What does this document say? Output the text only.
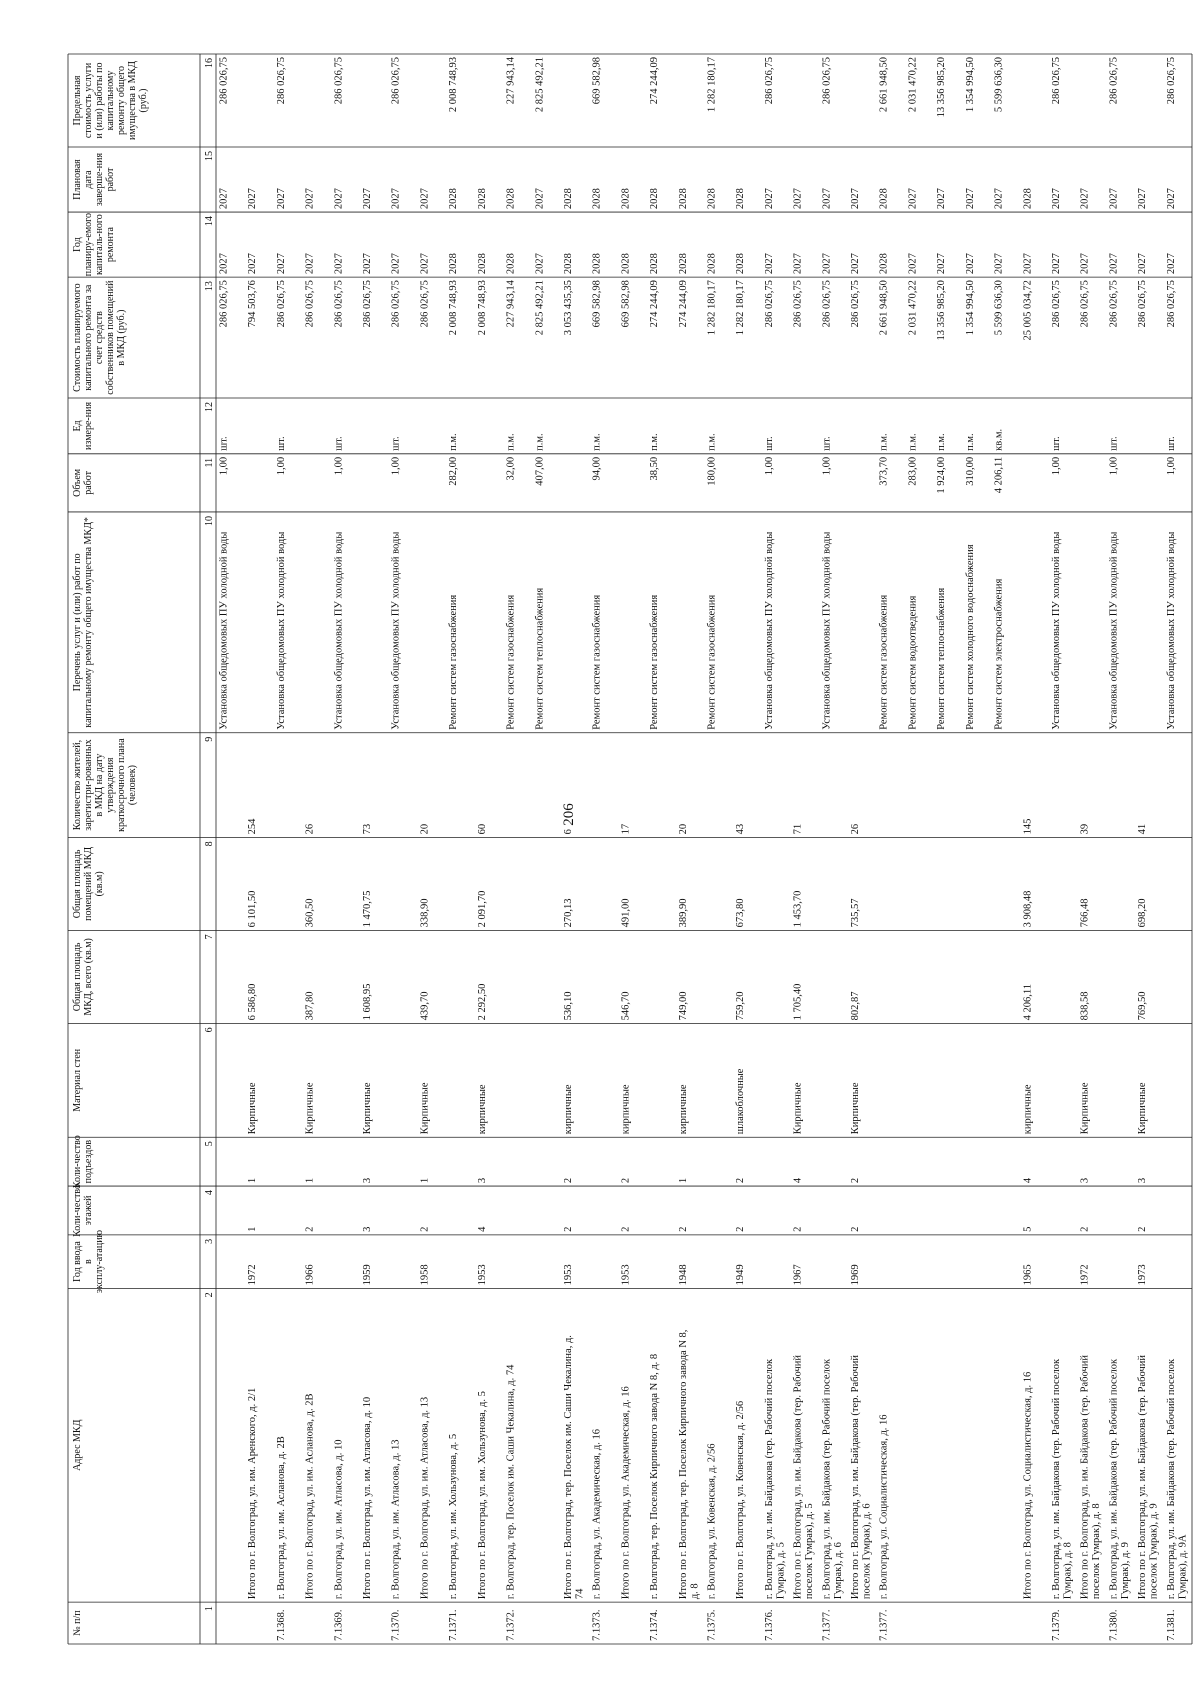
206
№ п/п
Адрес МКД
Год ввода в эксплу-атацию
Коли-чество этажей
Коли-чество подъездов
Материал стен
Общая площадь МКД, всего (кв.м)
Общая площадь помещений МКД (кв.м)
Количество жителей, зарегистри-рованных в МКД на дату утверждения краткосрочного плана (человек)
Перечень услуг и (или) работ по капитальному ремонту общего имущества МКД*
Объем работ
Ед измере-ния
Стоимость планируемого капитального ремонта за счет средств собственников помещений в МКД (руб.)
Год планиру-емого капиталь-ного ремонта
Плановая дата заверше-ния работ
Предельная стоимость услуги и (или) работы по капитальному ремонту общего имущества в МКД (руб.)
1
2
3
4
5
6
7
8
9
10
11
12
13
14
15
16
Установка общедомовых ПУ холодной воды
1,00
шт.
286 026,75
2027
2027
286 026,75
Итого по г. Волгоград, ул. им. Аренского, д. 2/1
1972
1
1
Кирпичные
6 586,80
6 101,50
254
794 503,76
2027
2027
7.1368.
г. Волгоград, ул. им. Асланова, д. 2В
Установка общедомовых ПУ холодной воды
1,00
шт.
286 026,75
2027
2027
286 026,75
Итого по г. Волгоград, ул. им. Асланова, д. 2В
1966
2
1
Кирпичные
387,80
360,50
26
286 026,75
2027
2027
7.1369.
г. Волгоград, ул. им. Атласова, д. 10
Установка общедомовых ПУ холодной воды
1,00
шт.
286 026,75
2027
2027
286 026,75
Итого по г. Волгоград, ул. им. Атласова, д. 10
1959
3
3
Кирпичные
1 608,95
1 470,75
73
286 026,75
2027
2027
7.1370.
г. Волгоград, ул. им. Атласова, д. 13
Установка общедомовых ПУ холодной воды
1,00
шт.
286 026,75
2027
2027
286 026,75
Итого по г. Волгоград, ул. им. Атласова, д. 13
1958
2
1
Кирпичные
439,70
338,90
20
286 026,75
2027
2027
7.1371.
г. Волгоград, ул. им. Хользунова, д. 5
Ремонт систем газоснабжения
282,00
п.м.
2 008 748,93
2028
2028
2 008 748,93
Итого по г. Волгоград, ул. им. Хользунова, д. 5
1953
4
3
кирпичные
2 292,50
2 091,70
60
2 008 748,93
2028
2028
7.1372.
г. Волгоград, тер. Поселок им. Саши Чекалина, д. 74
Ремонт систем газоснабжения
32,00
п.м.
227 943,14
2028
2028
227 943,14
Ремонт систем теплоснабжения
407,00
п.м.
2 825 492,21
2027
2027
2 825 492,21
Итого по г. Волгоград, тер. Поселок им. Саши Чекалина, д. 74
1953
2
2
кирпичные
536,10
270,13
6
3 053 435,35
2028
2028
7.1373.
г. Волгоград, ул. Академическая, д. 16
Ремонт систем газоснабжения
94,00
п.м.
669 582,98
2028
2028
669 582,98
Итого по г. Волгоград, ул. Академическая, д. 16
1953
2
2
кирпичные
546,70
491,00
17
669 582,98
2028
2028
7.1374.
г. Волгоград, тер. Поселок Кирпичного завода N 8, д. 8
Ремонт систем газоснабжения
38,50
п.м.
274 244,09
2028
2028
274 244,09
Итого по г. Волгоград, тер. Поселок Кирпичного завода N 8, д. 8
1948
2
1
кирпичные
749,00
389,90
20
274 244,09
2028
2028
7.1375.
г. Волгоград, ул. Ковенская, д. 2/56
Ремонт систем газоснабжения
180,00
п.м.
1 282 180,17
2028
2028
1 282 180,17
Итого по г. Волгоград, ул. Ковенская, д. 2/56
1949
2
2
шлакоблочные
759,20
673,80
43
1 282 180,17
2028
2028
7.1376.
г. Волгоград, ул. им. Байдакова (тер. Рабочий поселок Гумрак), д. 5
Установка общедомовых ПУ холодной воды
1,00
шт.
286 026,75
2027
2027
286 026,75
Итого по г. Волгоград, ул. им. Байдакова (тер. Рабочий поселок Гумрак), д. 5
1967
2
4
Кирпичные
1 705,40
1 453,70
71
286 026,75
2027
2027
7.1377.
г. Волгоград, ул. им. Байдакова (тер. Рабочий поселок Гумрак), д. 6
Установка общедомовых ПУ холодной воды
1,00
шт.
286 026,75
2027
2027
286 026,75
Итого по г. Волгоград, ул. им. Байдакова (тер. Рабочий поселок Гумрак), д. 6
1969
2
2
Кирпичные
802,87
735,57
26
286 026,75
2027
2027
7.1377.
г. Волгоград, ул. Социалистическая, д. 16
Ремонт систем газоснабжения
373,70
п.м.
2 661 948,50
2028
2028
2 661 948,50
Ремонт систем водоотведения
283,00
п.м.
2 031 470,22
2027
2027
2 031 470,22
Ремонт систем теплоснабжения
1 924,00
п.м.
13 356 985,20
2027
2027
13 356 985,20
Ремонт систем холодного водоснабжения
310,00
п.м.
1 354 994,50
2027
2027
1 354 994,50
Ремонт систем электроснабжения
4 206,11
кв.м.
5 599 636,30
2027
2027
5 599 636,30
Итого по г. Волгоград, ул. Социалистическая, д. 16
1965
5
4
кирпичные
4 206,11
3 908,48
145
25 005 034,72
2027
2028
7.1379.
г. Волгоград, ул. им. Байдакова (тер. Рабочий поселок Гумрак), д. 8
Установка общедомовых ПУ холодной воды
1,00
шт.
286 026,75
2027
2027
286 026,75
Итого по г. Волгоград, ул. им. Байдакова (тер. Рабочий поселок Гумрак), д. 8
1972
2
3
Кирпичные
838,58
766,48
39
286 026,75
2027
2027
7.1380.
г. Волгоград, ул. им. Байдакова (тер. Рабочий поселок Гумрак), д. 9
Установка общедомовых ПУ холодной воды
1,00
шт.
286 026,75
2027
2027
286 026,75
Итого по г. Волгоград, ул. им. Байдакова (тер. Рабочий поселок Гумрак), д. 9
1973
2
3
Кирпичные
769,50
698,20
41
286 026,75
2027
2027
7.1381.
г. Волгоград, ул. им. Байдакова (тер. Рабочий поселок Гумрак), д. 9А
Установка общедомовых ПУ холодной воды
1,00
шт.
286 026,75
2027
2027
286 026,75
